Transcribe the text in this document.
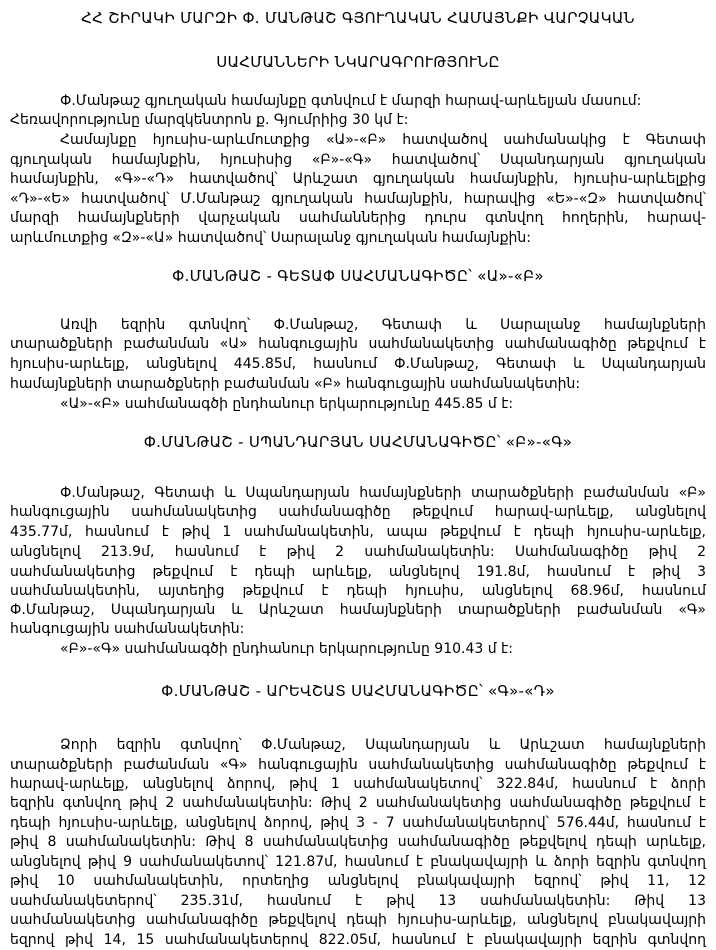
ՀՀ ՇԻՐԱԿԻ ՄԱՐԶԻ Փ. ՄԱՆԹԱՇ ԳՅՈՒՂԱԿԱՆ ՀԱՄԱՅՆՔԻ ՎԱՐՉԱԿԱՆ
ՍԱՀՄԱՆՆԵՐԻ ՆԿԱՐԱԳՐՈՒԹՅՈՒՆԸ
Փ.Մանթաշ գյուղական համայնքը գտնվում է մարզի հարավ-արևելյան մասում:
Հեռավորությունը մարզկենտրոն ք. Գյումրիից 30 կմ է:
Համայնքը հյուսիս-արևմուտքից «Ա»-«Բ» հատվածով սահմանակից է Գետափ
գյուղական համայնքին, հյուսիսից «Բ»-«Գ» հատվածով՝ Սպանդարյան գյուղական
համայնքին, «Գ»-«Դ» հատվածով՝ Արևշատ գյուղական համայնքին, հյուսիս-արևելքից
«Դ»-«Ե» հատվածով՝ Մ.Մանթաշ գյուղական համայնքին, հարավից «Ե»-«Զ» հատվածով՝
մարզի համայնքների վարչական սահմաններից դուրս գտնվող հողերին, հարավ-
արևմուտքից «Զ»-«Ա» հատվածով՝ Սարալանջ գյուղական համայնքին:
Փ.ՄԱՆԹԱՇ - ԳԵՏԱՓ ՍԱՀՄԱՆԱԳԻԾԸ՝ «Ա»-«Բ»
Առվի եզրին գտնվող՝ Փ.Մանթաշ, Գետափ և Սարալանջ համայնքների
տարածքների բաժանման «Ա» հանգուցային սահմանակետից սահմանագիծը թեքվում է
հյուսիս-արևելք, անցնելով 445.85մ, հասնում Փ.Մանթաշ, Գետափ և Սպանդարյան
համայնքների տարածքների բաժանման «Բ» հանգուցային սահմանակետին:
«Ա»-«Բ» սահմանագծի ընդհանուր երկարությունը 445.85 մ է:
Փ.ՄԱՆԹԱՇ - ՍՊԱՆԴԱՐՅԱՆ ՍԱՀՄԱՆԱԳԻԾԸ՝ «Բ»-«Գ»
Փ.Մանթաշ, Գետափ և Սպանդարյան համայնքների տարածքների բաժանման «Բ»
հանգուցային սահմանակետից սահմանագիծը թեքվում հարավ-արևելք, անցնելով
435.77մ, հասնում է թիվ 1 սահմանակետին, ապա թեքվում է դեպի հյուսիս-արևելք,
անցնելով 213.9մ, հասնում է թիվ 2 սահմանակետին: Սահմանագիծը թիվ 2
սահմանակետից թեքվում է դեպի արևելք, անցնելով 191.8մ, հասնում է թիվ 3
սահմանակետին, այտեղից թեքվում է դեպի հյուսիս, անցնելով 68.96մ, հասնում
Փ.Մանթաշ, Սպանդարյան և Արևշատ համայնքների տարածքների բաժանման «Գ»
հանգուցային սահմանակետին:
«Բ»-«Գ» սահմանագծի ընդհանուր երկարությունը 910.43 մ է:
Փ.ՄԱՆԹԱՇ - ԱՐԵՎՇԱՏ ՍԱՀՄԱՆԱԳԻԾԸ՝ «Գ»-«Դ»
Ձորի եզրին գտնվող՝ Փ.Մանթաշ, Սպանդարյան և Արևշատ համայնքների
տարածքների բաժանման «Գ» հանգուցային սահմանակետից սահմանագիծը թեքվում է
հարավ-արևելք, անցնելով ձորով, թիվ 1 սահմանակետով՝ 322.84մ, հասնում է ձորի
եզրին գտնվող թիվ 2 սահմանակետին: Թիվ 2 սահմանակետից սահմանագիծը թեքվում է
դեպի հյուսիս-արևելք, անցնելով ձորով, թիվ 3 - 7 սահմանակետերով՝ 576.44մ, հասնում է
թիվ 8 սահմանակետին: Թիվ 8 սահմանակետից սահմանագիծը թեքվելով դեպի արևելք,
անցնելով թիվ 9 սահմանակետով՝ 121.87մ, հասնում է բնակավայրի և ձորի եզրին գտնվող
թիվ 10 սահմանակետին, որտեղից անցնելով բնակավայրի եզրով՝ թիվ 11, 12
սահմանակետերով՝ 235.31մ, հասնում է թիվ 13 սահմանակետին: Թիվ 13
սահմանակետից սահմանագիծը թեքվելով դեպի հյուսիս-արևելք, անցնելով բնակավայրի
եզրով թիվ 14, 15 սահմանակետերով 822.05մ, հասնում է բնակավայրի եզրին գտնվող
